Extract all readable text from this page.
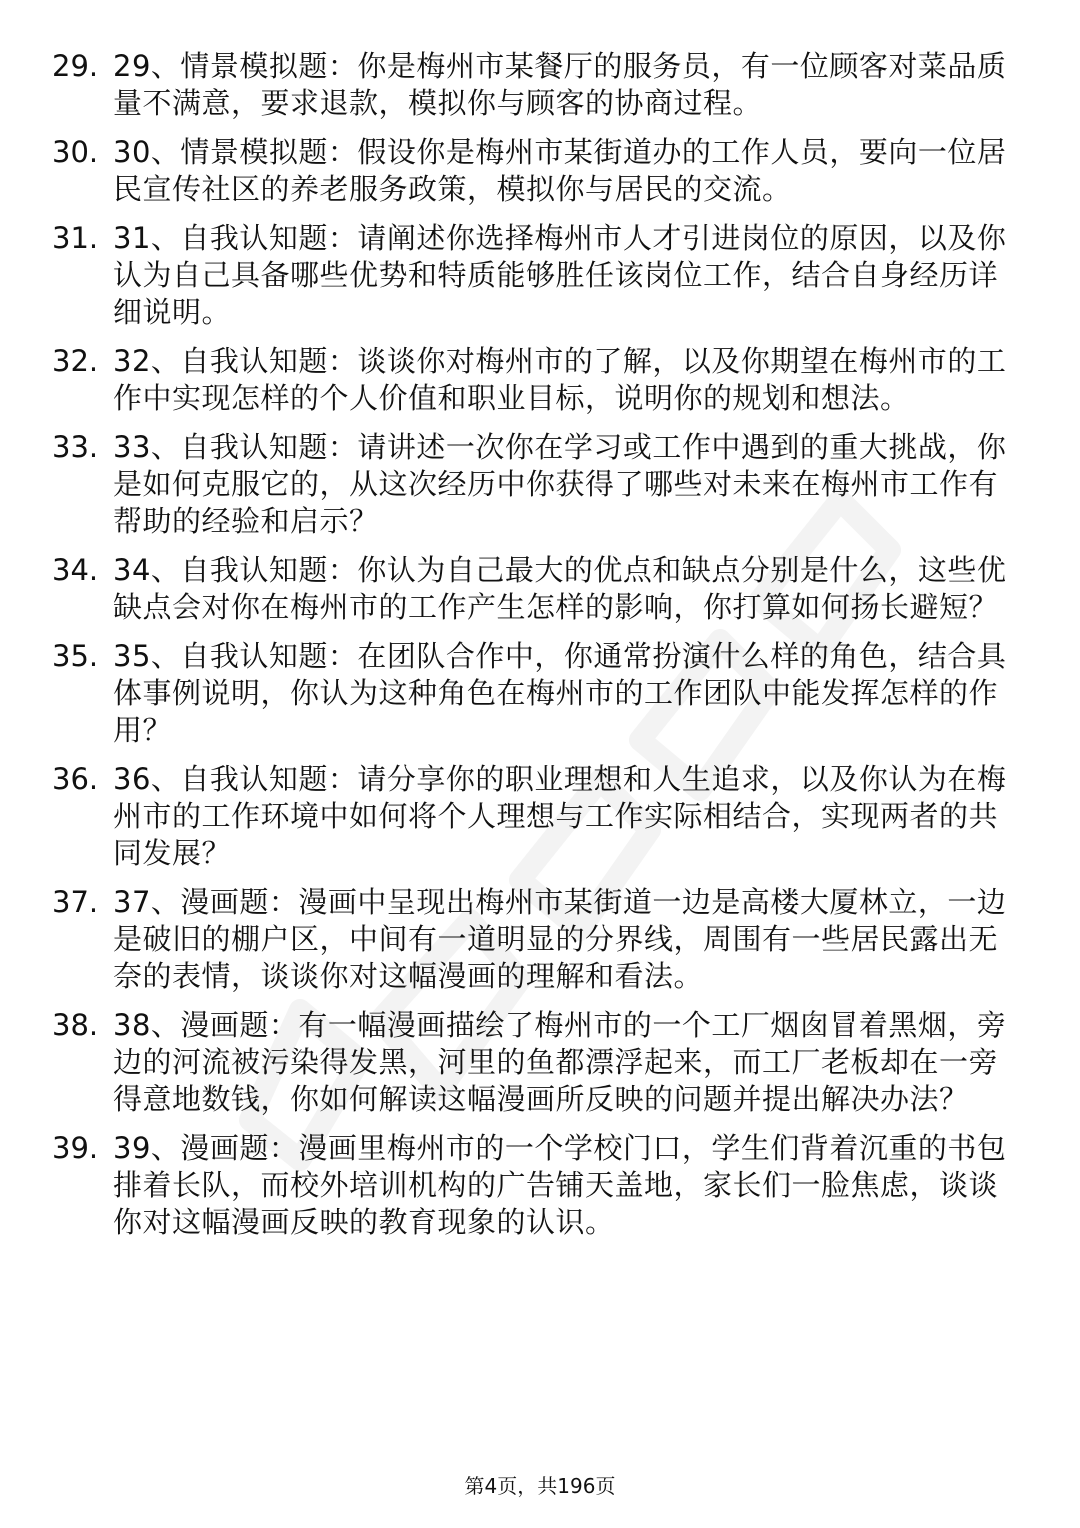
29. 29、情景模拟题：你是梅州市某餐厅的服务员，有一位顾客对菜品质量不满意，要求退款，模拟你与顾客的协商过程。
30. 30、情景模拟题：假设你是梅州市某街道办的工作人员，要向一位居民宣传社区的养老服务政策，模拟你与居民的交流。
31. 31、自我认知题：请阐述你选择梅州市人才引进岗位的原因，以及你认为自己具备哪些优势和特质能够胜任该岗位工作，结合自身经历详细说明。
32. 32、自我认知题：谈谈你对梅州市的了解，以及你期望在梅州市的工作中实现怎样的个人价值和职业目标，说明你的规划和想法。
33. 33、自我认知题：请讲述一次你在学习或工作中遇到的重大挑战，你是如何克服它的，从这次经历中你获得了哪些对未来在梅州市工作有帮助的经验和启示？
34. 34、自我认知题：你认为自己最大的优点和缺点分别是什么，这些优缺点会对你在梅州市的工作产生怎样的影响，你打算如何扬长避短？
35. 35、自我认知题：在团队合作中，你通常扮演什么样的角色，结合具体事例说明，你认为这种角色在梅州市的工作团队中能发挥怎样的作用？
36. 36、自我认知题：请分享你的职业理想和人生追求，以及你认为在梅州市的工作环境中如何将个人理想与工作实际相结合，实现两者的共同发展？
37. 37、漫画题：漫画中呈现出梅州市某街道一边是高楼大厦林立，一边是破旧的棚户区，中间有一道明显的分界线，周围有一些居民露出无奈的表情，谈谈你对这幅漫画的理解和看法。
38. 38、漫画题：有一幅漫画描绘了梅州市的一个工厂烟囱冒着黑烟，旁边的河流被污染得发黑，河里的鱼都漂浮起来，而工厂老板却在一旁得意地数钱，你如何解读这幅漫画所反映的问题并提出解决办法？
39. 39、漫画题：漫画里梅州市的一个学校门口，学生们背着沉重的书包排着长队，而校外培训机构的广告铺天盖地，家长们一脸焦虑，谈谈你对这幅漫画反映的教育现象的认识。
第4页，共196页
